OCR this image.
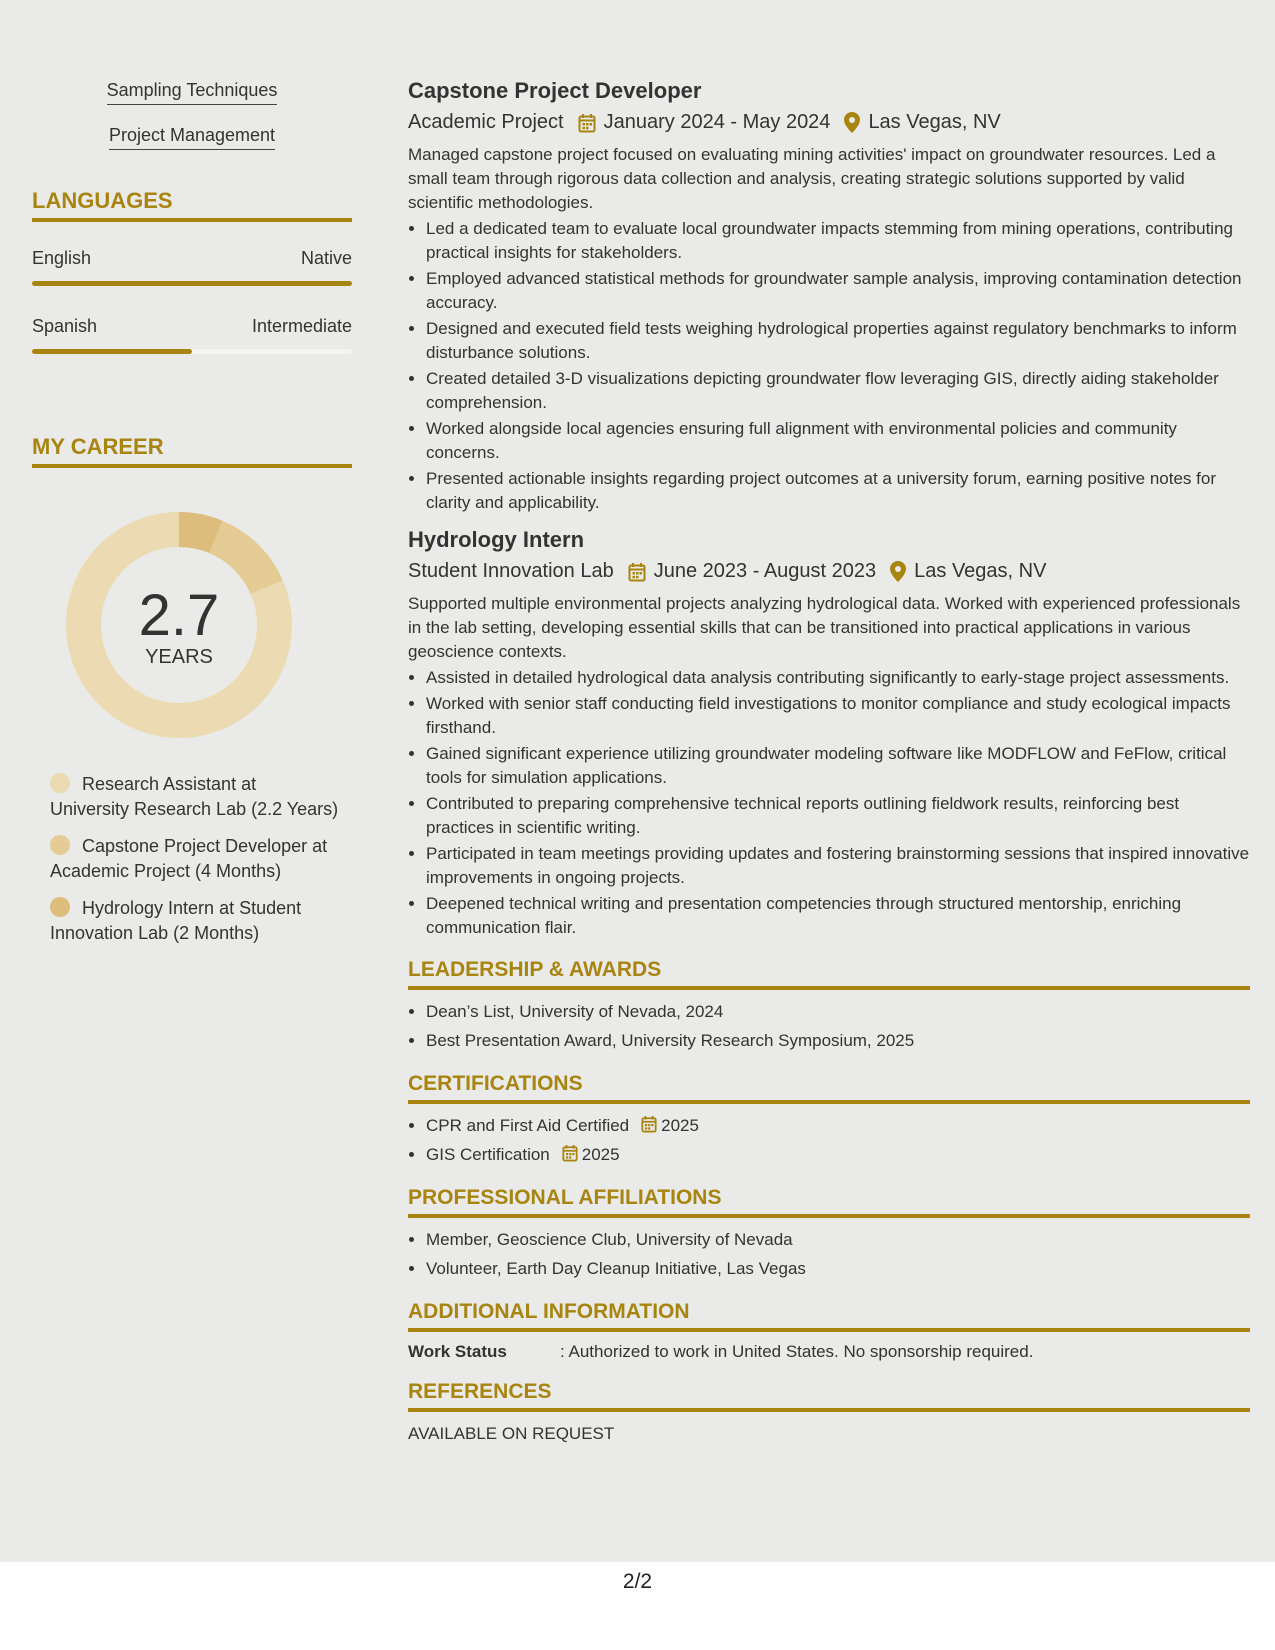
Sampling Techniques
Project Management
LANGUAGES
English	Native
Spanish	Intermediate
MY CAREER
2.7
YEARS
Research Assistant at University Research Lab (2.2 Years)
Capstone Project Developer at Academic Project (4 Months)
Hydrology Intern at Student Innovation Lab (2 Months)
Capstone Project Developer
Academic Project January 2024 - May 2024 Las Vegas, NV
Managed capstone project focused on evaluating mining activities' impact on groundwater resources. Led a small team through rigorous data collection and analysis, creating strategic solutions supported by valid scientific methodologies.
• Led a dedicated team to evaluate local groundwater impacts stemming from mining operations, contributing practical insights for stakeholders.
• Employed advanced statistical methods for groundwater sample analysis, improving contamination detection accuracy.
• Designed and executed field tests weighing hydrological properties against regulatory benchmarks to inform disturbance solutions.
• Created detailed 3-D visualizations depicting groundwater flow leveraging GIS, directly aiding stakeholder comprehension.
• Worked alongside local agencies ensuring full alignment with environmental policies and community concerns.
• Presented actionable insights regarding project outcomes at a university forum, earning positive notes for clarity and applicability.
Hydrology Intern
Student Innovation Lab June 2023 - August 2023 Las Vegas, NV
Supported multiple environmental projects analyzing hydrological data. Worked with experienced professionals in the lab setting, developing essential skills that can be transitioned into practical applications in various geoscience contexts.
• Assisted in detailed hydrological data analysis contributing significantly to early-stage project assessments.
• Worked with senior staff conducting field investigations to monitor compliance and study ecological impacts firsthand.
• Gained significant experience utilizing groundwater modeling software like MODFLOW and FeFlow, critical tools for simulation applications.
• Contributed to preparing comprehensive technical reports outlining fieldwork results, reinforcing best practices in scientific writing.
• Participated in team meetings providing updates and fostering brainstorming sessions that inspired innovative improvements in ongoing projects.
• Deepened technical writing and presentation competencies through structured mentorship, enriching communication flair.
LEADERSHIP & AWARDS
• Dean’s List, University of Nevada, 2024
• Best Presentation Award, University Research Symposium, 2025
CERTIFICATIONS
• CPR and First Aid Certified 2025
• GIS Certification 2025
PROFESSIONAL AFFILIATIONS
• Member, Geoscience Club, University of Nevada
• Volunteer, Earth Day Cleanup Initiative, Las Vegas
ADDITIONAL INFORMATION
Work Status	: Authorized to work in United States. No sponsorship required.
REFERENCES
AVAILABLE ON REQUEST
2/2
